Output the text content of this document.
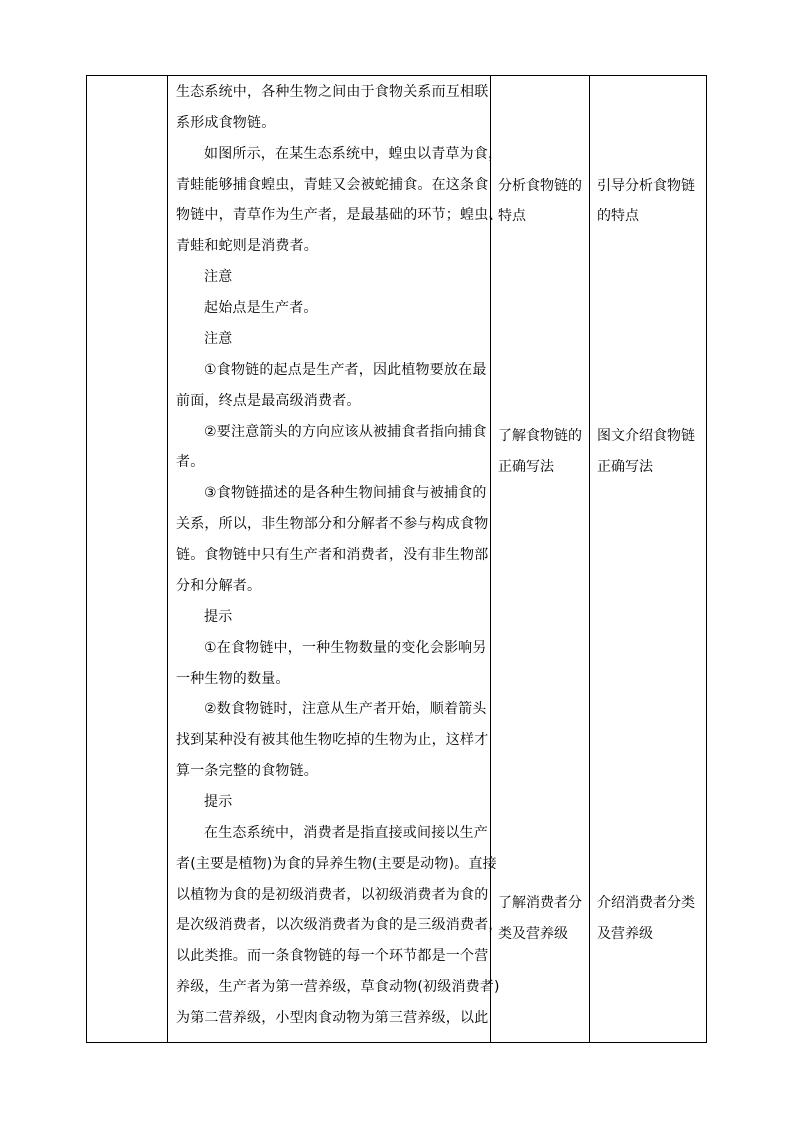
生态系统中，各种生物之间由于食物关系而互相联
系形成食物链。
如图所示，在某生态系统中，蝗虫以青草为食，
青蛙能够捕食蝗虫，青蛙又会被蛇捕食。在这条食
物链中，青草作为生产者，是最基础的环节；蝗虫、
青蛙和蛇则是消费者。
注意
起始点是生产者。
注意
①食物链的起点是生产者，因此植物要放在最
前面，终点是最高级消费者。
②要注意箭头的方向应该从被捕食者指向捕食
者。
③食物链描述的是各种生物间捕食与被捕食的
关系，所以，非生物部分和分解者不参与构成食物
链。食物链中只有生产者和消费者，没有非生物部
分和分解者。
提示
①在食物链中，一种生物数量的变化会影响另
一种生物的数量。
②数食物链时，注意从生产者开始，顺着箭头
找到某种没有被其他生物吃掉的生物为止，这样才
算一条完整的食物链。
提示
在生态系统中，消费者是指直接或间接以生产
者(主要是植物)为食的异养生物(主要是动物)。直接
以植物为食的是初级消费者，以初级消费者为食的
是次级消费者，以次级消费者为食的是三级消费者，
以此类推。而一条食物链的每一个环节都是一个营
养级，生产者为第一营养级，草食动物(初级消费者)
为第二营养级，小型肉食动物为第三营养级，以此
分析食物链的
特点
了解食物链的
正确写法
了解消费者分
类及营养级
引导分析食物链
的特点
图文介绍食物链
正确写法
介绍消费者分类
及营养级
